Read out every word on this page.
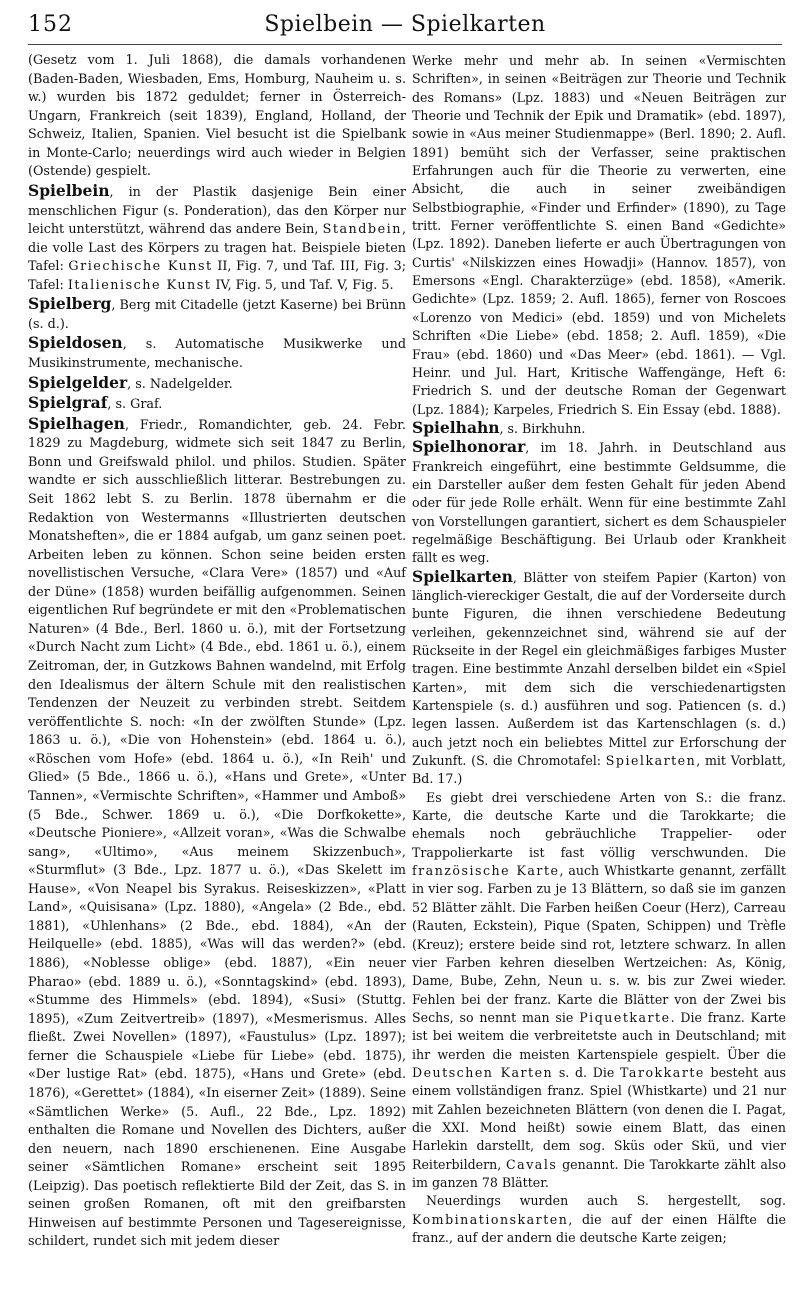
152	Spielbein — Spielkarten

(Gesetz vom 1. Juli 1868), die damals vorhandenen (Baden-Baden, Wiesbaden, Ems, Homburg, Nauheim u. s. w.) wurden bis 1872 geduldet; ferner in Österreich-Ungarn, Frankreich (seit 1839), England, Holland, der Schweiz, Italien, Spanien. Viel besucht ist die Spielbank in Monte-Carlo; neuerdings wird auch wieder in Belgien (Ostende) gespielt.

Spielbein, in der Plastik dasjenige Bein einer menschlichen Figur (s. Ponderation), das den Körper nur leicht unterstützt, während das andere Bein, Standbein, die volle Last des Körpers zu tragen hat. Beispiele bieten Tafel: Griechische Kunst II, Fig. 7, und Taf. III, Fig. 3; Tafel: Italienische Kunst IV, Fig. 5, und Taf. V, Fig. 5.

Spielberg, Berg mit Citadelle (jetzt Kaserne) bei Brünn (s. d.).

Spieldosen, s. Automatische Musikwerke und Musikinstrumente, mechanische.

Spielgelder, s. Nadelgelder.

Spielgraf, s. Graf.

Spielhagen, Friedr., Romandichter, geb. 24. Febr. 1829 zu Magdeburg, widmete sich seit 1847 zu Berlin, Bonn und Greifswald philol. und philos. Studien. Später wandte er sich ausschließlich litterar. Bestrebungen zu. Seit 1862 lebt S. zu Berlin. 1878 übernahm er die Redaktion von Westermanns «Illustrierten deutschen Monatsheften», die er 1884 aufgab, um ganz seinen poet. Arbeiten leben zu können. Schon seine beiden ersten novellistischen Versuche, «Clara Vere» (1857) und «Auf der Düne» (1858) wurden beifällig aufgenommen. Seinen eigentlichen Ruf begründete er mit den «Problematischen Naturen» (4 Bde., Berl. 1860 u. ö.), mit der Fortsetzung «Durch Nacht zum Licht» (4 Bde., ebd. 1861 u. ö.), einem Zeitroman, der, in Gutzkows Bahnen wandelnd, mit Erfolg den Idealismus der ältern Schule mit den realistischen Tendenzen der Neuzeit zu verbinden strebt. Seitdem veröffentlichte S. noch: «In der zwölften Stunde» (Lpz. 1863 u. ö.), «Die von Hohenstein» (ebd. 1864 u. ö.), «Röschen vom Hofe» (ebd. 1864 u. ö.), «In Reih' und Glied» (5 Bde., 1866 u. ö.), «Hans und Grete», «Unter Tannen», «Vermischte Schriften», «Hammer und Amboß» (5 Bde., Schwer. 1869 u. ö.), «Die Dorfkokette», «Deutsche Pioniere», «Allzeit voran», «Was die Schwalbe sang», «Ultimo», «Aus meinem Skizzenbuch», «Sturmflut» (3 Bde., Lpz. 1877 u. ö.), «Das Skelett im Hause», «Von Neapel bis Syrakus. Reiseskizzen», «Platt Land», «Quisisana» (Lpz. 1880), «Angela» (2 Bde., ebd. 1881), «Uhlenhans» (2 Bde., ebd. 1884), «An der Heilquelle» (ebd. 1885), «Was will das werden?» (ebd. 1886), «Noblesse oblige» (ebd. 1887), «Ein neuer Pharao» (ebd. 1889 u. ö.), «Sonntagskind» (ebd. 1893), «Stumme des Himmels» (ebd. 1894), «Susi» (Stuttg. 1895), «Zum Zeitvertreib» (1897), «Mesmerismus. Alles fließt. Zwei Novellen» (1897), «Faustulus» (Lpz. 1897); ferner die Schauspiele «Liebe für Liebe» (ebd. 1875), «Der lustige Rat» (ebd. 1875), «Hans und Grete» (ebd. 1876), «Gerettet» (1884), «In eiserner Zeit» (1889). Seine «Sämtlichen Werke» (5. Aufl., 22 Bde., Lpz. 1892) enthalten die Romane und Novellen des Dichters, außer den neuern, nach 1890 erschienenen. Eine Ausgabe seiner «Sämtlichen Romane» erscheint seit 1895 (Leipzig). Das poetisch reflektierte Bild der Zeit, das S. in seinen großen Romanen, oft mit den greifbarsten Hinweisen auf bestimmte Personen und Tagesereignisse, schildert, rundet sich mit jedem dieser

Werke mehr und mehr ab. In seinen «Vermischten Schriften», in seinen «Beiträgen zur Theorie und Technik des Romans» (Lpz. 1883) und «Neuen Beiträgen zur Theorie und Technik der Epik und Dramatik» (ebd. 1897), sowie in «Aus meiner Studienmappe» (Berl. 1890; 2. Aufl. 1891) bemüht sich der Verfasser, seine praktischen Erfahrungen auch für die Theorie zu verwerten, eine Absicht, die auch in seiner zweibändigen Selbstbiographie, «Finder und Erfinder» (1890), zu Tage tritt. Ferner veröffentlichte S. einen Band «Gedichte» (Lpz. 1892). Daneben lieferte er auch Übertragungen von Curtis' «Nilskizzen eines Howadji» (Hannov. 1857), von Emersons «Engl. Charakterzüge» (ebd. 1858), «Amerik. Gedichte» (Lpz. 1859; 2. Aufl. 1865), ferner von Roscoes «Lorenzo von Medici» (ebd. 1859) und von Michelets Schriften «Die Liebe» (ebd. 1858; 2. Aufl. 1859), «Die Frau» (ebd. 1860) und «Das Meer» (ebd. 1861). — Vgl. Heinr. und Jul. Hart, Kritische Waffengänge, Heft 6: Friedrich S. und der deutsche Roman der Gegenwart (Lpz. 1884); Karpeles, Friedrich S. Ein Essay (ebd. 1888).

Spielhahn, s. Birkhuhn.

Spielhonorar, im 18. Jahrh. in Deutschland aus Frankreich eingeführt, eine bestimmte Geldsumme, die ein Darsteller außer dem festen Gehalt für jeden Abend oder für jede Rolle erhält. Wenn für eine bestimmte Zahl von Vorstellungen garantiert, sichert es dem Schauspieler regelmäßige Beschäftigung. Bei Urlaub oder Krankheit fällt es weg.

Spielkarten, Blätter von steifem Papier (Karton) von länglich-viereckiger Gestalt, die auf der Vorderseite durch bunte Figuren, die ihnen verschiedene Bedeutung verleihen, gekennzeichnet sind, während sie auf der Rückseite in der Regel ein gleichmäßiges farbiges Muster tragen. Eine bestimmte Anzahl derselben bildet ein «Spiel Karten», mit dem sich die verschiedenartigsten Kartenspiele (s. d.) ausführen und sog. Patiencen (s. d.) legen lassen. Außerdem ist das Kartenschlagen (s. d.) auch jetzt noch ein beliebtes Mittel zur Erforschung der Zukunft. (S. die Chromotafel: Spielkarten, mit Vorblatt, Bd. 17.)

Es giebt drei verschiedene Arten von S.: die franz. Karte, die deutsche Karte und die Tarokkarte; die ehemals noch gebräuchliche Trappelier- oder Trappolierkarte ist fast völlig verschwunden. Die französische Karte, auch Whistkarte genannt, zerfällt in vier sog. Farben zu je 13 Blättern, so daß sie im ganzen 52 Blätter zählt. Die Farben heißen Coeur (Herz), Carreau (Rauten, Eckstein), Pique (Spaten, Schippen) und Trèfle (Kreuz); erstere beide sind rot, letztere schwarz. In allen vier Farben kehren dieselben Wertzeichen: As, König, Dame, Bube, Zehn, Neun u. s. w. bis zur Zwei wieder. Fehlen bei der franz. Karte die Blätter von der Zwei bis Sechs, so nennt man sie Piquetkarte. Die franz. Karte ist bei weitem die verbreitetste auch in Deutschland; mit ihr werden die meisten Kartenspiele gespielt. Über die Deutschen Karten s. d. Die Tarokkarte besteht aus einem vollständigen franz. Spiel (Whistkarte) und 21 nur mit Zahlen bezeichneten Blättern (von denen die I. Pagat, die XXI. Mond heißt) sowie einem Blatt, das einen Harlekin darstellt, dem sog. Sküs oder Skü, und vier Reiterbildern, Cavals genannt. Die Tarokkarte zählt also im ganzen 78 Blätter.

Neuerdings wurden auch S. hergestellt, sog. Kombinationskarten, die auf der einen Hälfte die franz., auf der andern die deutsche Karte zeigen;
